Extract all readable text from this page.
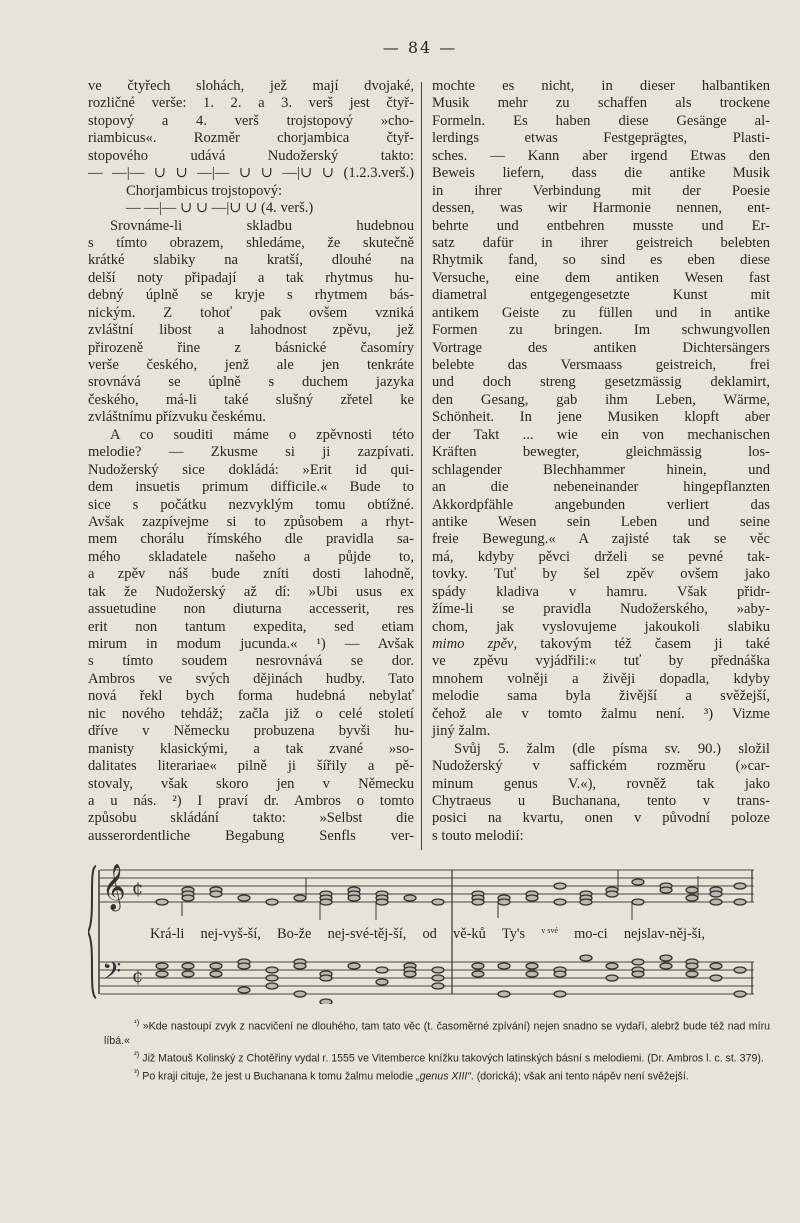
— 84 —
ve čtyřech slohách, jež mají dvojaké,
rozličné verše: 1. 2. a 3. verš jest čtyř-
stopový a 4. verš trojstopový »cho-
riambicus«. Rozměr chorjambica čtyř-
stopového udává Nudožerský takto:
— —|— ∪ ∪ —|— ∪ ∪ —|∪ ∪ (1.2.3.verš.)
Chorjambicus trojstopový:
— —|— ∪ ∪ —|∪ ∪ (4. verš.)
Srovnáme-li skladbu hudebnou
s tímto obrazem, shledáme, že skutečně
krátké slabiky na kratší, dlouhé na
delší noty připadají a tak rhytmus hu-
debný úplně se kryje s rhytmem bás-
nickým. Z tohoť pak ovšem vzniká
zvláštní libost a lahodnost zpěvu, jež
přirozeně řine z básnické časomíry
verše českého, jenž ale jen tenkráte
srovnává se úplně s duchem jazyka
českého, má-li také slušný zřetel ke
zvláštnímu přízvuku českému.
A co souditi máme o zpěvnosti této
melodie? — Zkusme si ji zazpívati.
Nudožerský sice dokládá: »Erit id qui-
dem insuetis primum difficile.« Bude to
sice s počátku nezvyklým tomu obtížné.
Avšak zazpívejme si to způsobem a rhyt-
mem chorálu římského dle pravidla sa-
mého skladatele našeho a půjde to,
a zpěv náš bude zníti dosti lahodně,
tak že Nudožerský až dí: »Ubi usus ex
assuetudine non diuturna accesserit, res
erit non tantum expedita, sed etiam
mirum in modum jucunda.« ¹) — Avšak
s tímto soudem nesrovnává se dor.
Ambros ve svých dějinách hudby. Tato
nová řekl bych forma hudebná nebylať
nic nového tehdáž; začla již o celé století
dříve v Německu probuzena byvši hu-
manisty klasickými, a tak zvané »so-
dalitates literariae« pilně ji šířily a pě-
stovaly, však skoro jen v Německu
a u nás. ²) I praví dr. Ambros o tomto
způsobu skládání takto: »Selbst die
ausserordentliche Begabung Senfls ver-
mochte es nicht, in dieser halbantiken
Musik mehr zu schaffen als trockene
Formeln. Es haben diese Gesänge al-
lerdings etwas Festgeprägtes, Plasti-
sches. — Kann aber irgend Etwas den
Beweis liefern, dass die antike Musik
in ihrer Verbindung mit der Poesie
dessen, was wir Harmonie nennen, ent-
behrte und entbehren musste und Er-
satz dafür in ihrer geistreich belebten
Rhytmik fand, so sind es eben diese
Versuche, eine dem antiken Wesen fast
diametral entgegengesetzte Kunst mit
antikem Geiste zu füllen und in antike
Formen zu bringen. Im schwungvollen
Vortrage des antiken Dichtersängers
belebte das Versmaass geistreich, frei
und doch streng gesetzmässig deklamirt,
den Gesang, gab ihm Leben, Wärme,
Schönheit. In jene Musiken klopft aber
der Takt ... wie ein von mechanischen
Kräften bewegter, gleichmässig los-
schlagender Blechhammer hinein, und
an die nebeneinander hingepflanzten
Akkordpfähle angebunden verliert das
antike Wesen sein Leben und seine
freie Bewegung.« A zajisté tak se věc
má, kdyby pěvci drželi se pevné tak-
tovky. Tuť by šel zpěv ovšem jako
spády kladiva v hamru. Však přidr-
žíme-li se pravidla Nudožerského, »aby-
chom, jak vyslovujeme jakoukoli slabiku
mimo zpěv, takovým též časem ji také
ve zpěvu vyjádřili:« tuť by přednáška
mnohem volněji a živěji dopadla, kdyby
melodie sama byla živější a svěžejší,
čehož ale v tomto žalmu není. ³) Vizme
jiný žalm.
Svůj 5. žalm (dle písma sv. 90.) složil
Nudožerský v saffickém rozměru (»car-
minum genus V.«), rovněž tak jako
Chytraeus u Buchanana, tento v trans-
posici na kvartu, onen v původní poloze
s touto melodií:
𝄞
𝄢
¢
¢
Krá-li nej-vyš-ší, Bo-že nej-své-těj-ší, od vě-ků Ty's v své mo-ci nejslav-něj-ši,

$^{^1)}$ »Kde nastoupí zvyk z nacvičení ne dlouhého, tam tato věc (t. časoměrné zpívání) nejen snadno se vydaří, alebrž bude též nad míru líbá.«

$^{^2)}$ Již Matouš Kolinský z Chotěřiny vydal r. 1555 ve Vitemberce knížku takových latinských básní s melodiemi. (Dr. Ambros l. c. st. 379).

$^{^3)}$ Po kraji cituje, že jest u Buchanana k tomu žalmu melodie „genus XIII“. (dorická); však ani tento nápěv není svěžejší.
